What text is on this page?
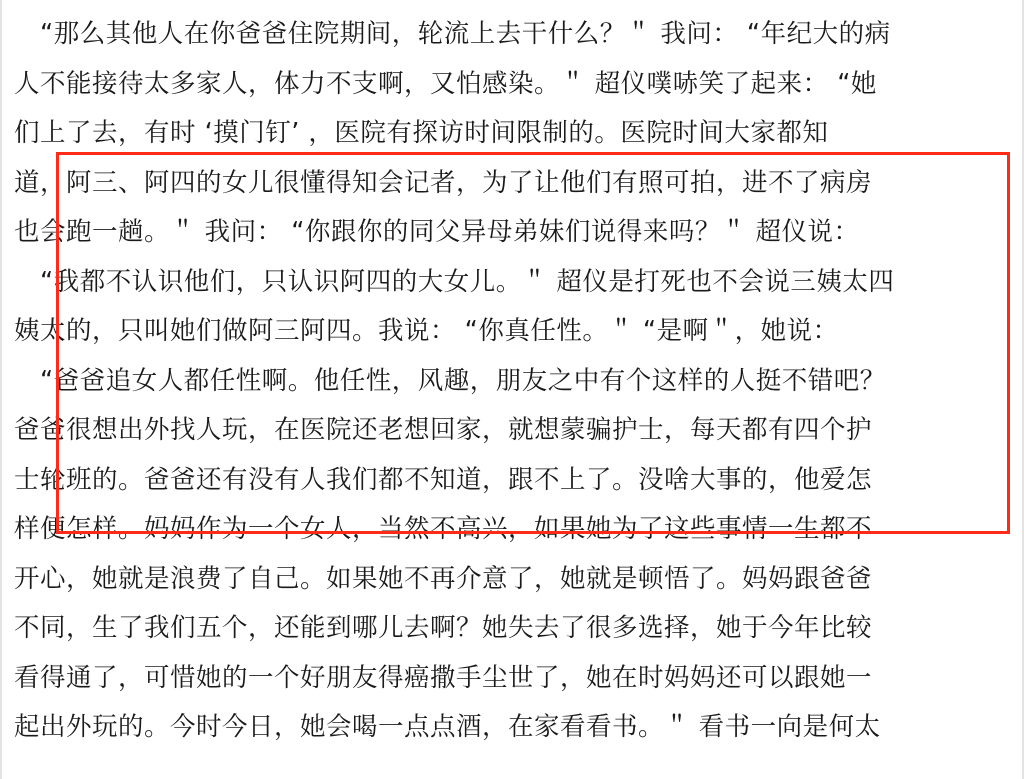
　“那么其他人在你爸爸住院期间，轮流上去干什么？＂ 我问： “年纪大的病
人不能接待太多家人，体力不支啊，又怕感染。＂ 超仪噗哧笑了起来： “她
们上了去，有时 ‘摸门钉’ ，医院有探访时间限制的。医院时间大家都知
道，阿三、阿四的女儿很懂得知会记者，为了让他们有照可拍，进不了病房
也会跑一趟。＂ 我问： “你跟你的同父异母弟妹们说得来吗？＂ 超仪说：
　“我都不认识他们，只认识阿四的大女儿。＂ 超仪是打死也不会说三姨太四
姨太的，只叫她们做阿三阿四。我说： “你真任性。＂ “是啊＂，她说：
　“爸爸追女人都任性啊。他任性，风趣，朋友之中有个这样的人挺不错吧？
爸爸很想出外找人玩，在医院还老想回家，就想蒙骗护士，每天都有四个护
士轮班的。爸爸还有没有人我们都不知道，跟不上了。没啥大事的，他爱怎
样便怎样。妈妈作为一个女人，当然不高兴，如果她为了这些事情一生都不
开心，她就是浪费了自己。如果她不再介意了，她就是顿悟了。妈妈跟爸爸
不同，生了我们五个，还能到哪儿去啊？她失去了很多选择，她于今年比较
看得通了，可惜她的一个好朋友得癌撒手尘世了，她在时妈妈还可以跟她一
起出外玩的。今时今日，她会喝一点点酒，在家看看书。＂ 看书一向是何太
